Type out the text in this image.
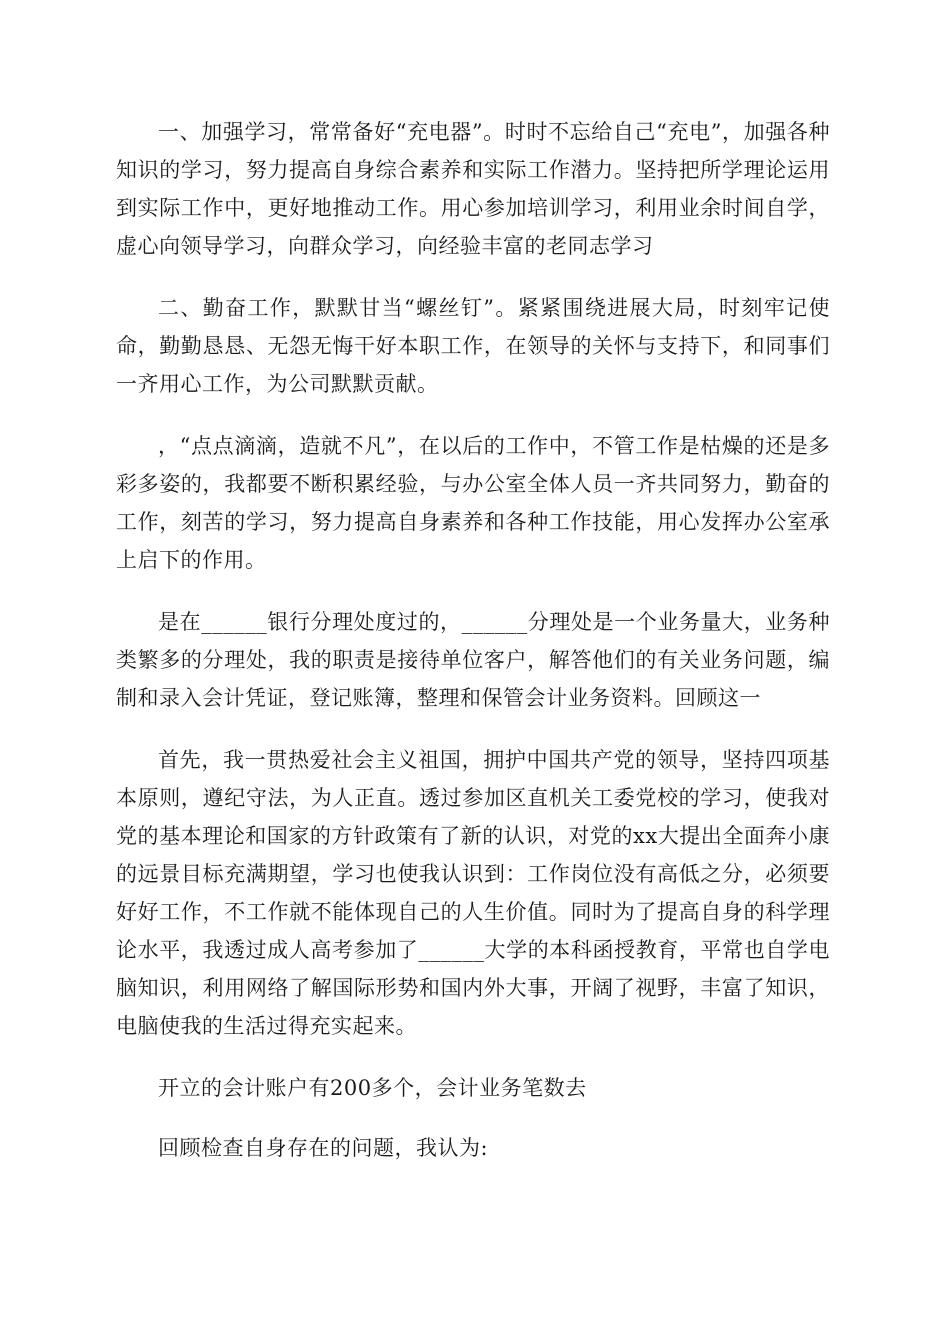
一、加强学习，常常备好“充电器”。时时不忘给自己“充电”，加强各种知识的学习，努力提高自身综合素养和实际工作潜力。坚持把所学理论运用到实际工作中，更好地推动工作。用心参加培训学习，利用业余时间自学，虚心向领导学习，向群众学习，向经验丰富的老同志学习

二、勤奋工作，默默甘当“螺丝钉”。紧紧围绕进展大局，时刻牢记使命，勤勤恳恳、无怨无悔干好本职工作，在领导的关怀与支持下，和同事们一齐用心工作，为公司默默贡献。

，“点点滴滴，造就不凡”，在以后的工作中，不管工作是枯燥的还是多彩多姿的，我都要不断积累经验，与办公室全体人员一齐共同努力，勤奋的工作，刻苦的学习，努力提高自身素养和各种工作技能，用心发挥办公室承上启下的作用。

是在______银行分理处度过的，______分理处是一个业务量大，业务种类繁多的分理处，我的职责是接待单位客户，解答他们的有关业务问题，编制和录入会计凭证，登记账簿，整理和保管会计业务资料。回顾这一

首先，我一贯热爱社会主义祖国，拥护中国共产党的领导，坚持四项基本原则，遵纪守法，为人正直。透过参加区直机关工委党校的学习，使我对党的基本理论和国家的方针政策有了新的认识，对党的xx大提出全面奔小康的远景目标充满期望，学习也使我认识到：工作岗位没有高低之分，必须要好好工作，不工作就不能体现自己的人生价值。同时为了提高自身的科学理论水平，我透过成人高考参加了______大学的本科函授教育，平常也自学电脑知识，利用网络了解国际形势和国内外大事，开阔了视野，丰富了知识，电脑使我的生活过得充实起来。

开立的会计账户有200多个，会计业务笔数去

回顾检查自身存在的问题，我认为:
